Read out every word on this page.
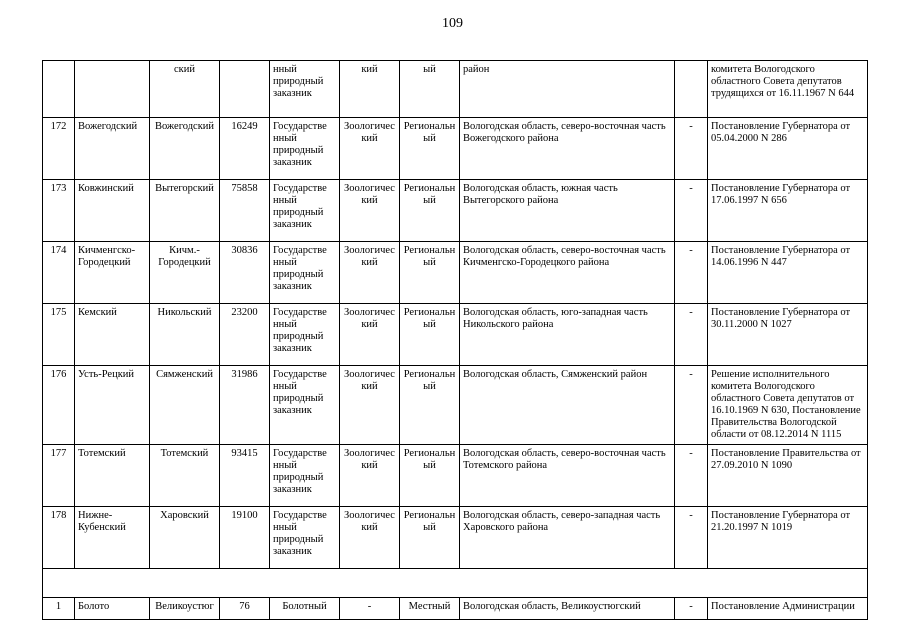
109
		ский		нный природный заказник	кий	ый	район		комитета Вологодского областного Совета депутатов трудящихся от 16.11.1967 N 644
172	Вожегодский	Вожегодский	16249	Государстве нный природный заказник	Зоологичес кий	Региональн ый	Вологодская область, северо-восточная часть Вожегодского района	-	Постановление Губернатора от 05.04.2000 N 286
173	Ковжинский	Вытегорский	75858	Государстве нный природный заказник	Зоологичес кий	Региональн ый	Вологодская область, южная часть Вытегорского района	-	Постановление Губернатора от 17.06.1997 N 656
174	Кичменгско-Городецкий	Кичм.-Городецкий	30836	Государстве нный природный заказник	Зоологичес кий	Региональн ый	Вологодская область, северо-восточная часть Кичменгско-Городецкого района	-	Постановление Губернатора от 14.06.1996 N 447
175	Кемский	Никольский	23200	Государстве нный природный заказник	Зоологичес кий	Региональн ый	Вологодская область, юго-западная часть Никольского района	-	Постановление Губернатора от 30.11.2000 N 1027
176	Усть-Рецкий	Сямженский	31986	Государстве нный природный заказник	Зоологичес кий	Региональн ый	Вологодская область, Сямженский район	-	Решение исполнительного комитета Вологодского областного Совета депутатов от 16.10.1969 N 630, Постановление Правительства Вологодской области от 08.12.2014 N 1115
177	Тотемский	Тотемский	93415	Государстве нный природный заказник	Зоологичес кий	Региональн ый	Вологодская область, северо-восточная часть Тотемского района	-	Постановление Правительства от 27.09.2010 N 1090
178	Нижне-Кубенский	Харовский	19100	Государстве нный природный заказник	Зоологичес кий	Региональн ый	Вологодская область, северо-западная часть Харовского района	-	Постановление Губернатора от 21.20.1997 N 1019

1	Болото	Великоустюг	76	Болотный	-	Местный	Вологодская область, Великоустюгский	-	Постановление Администрации
